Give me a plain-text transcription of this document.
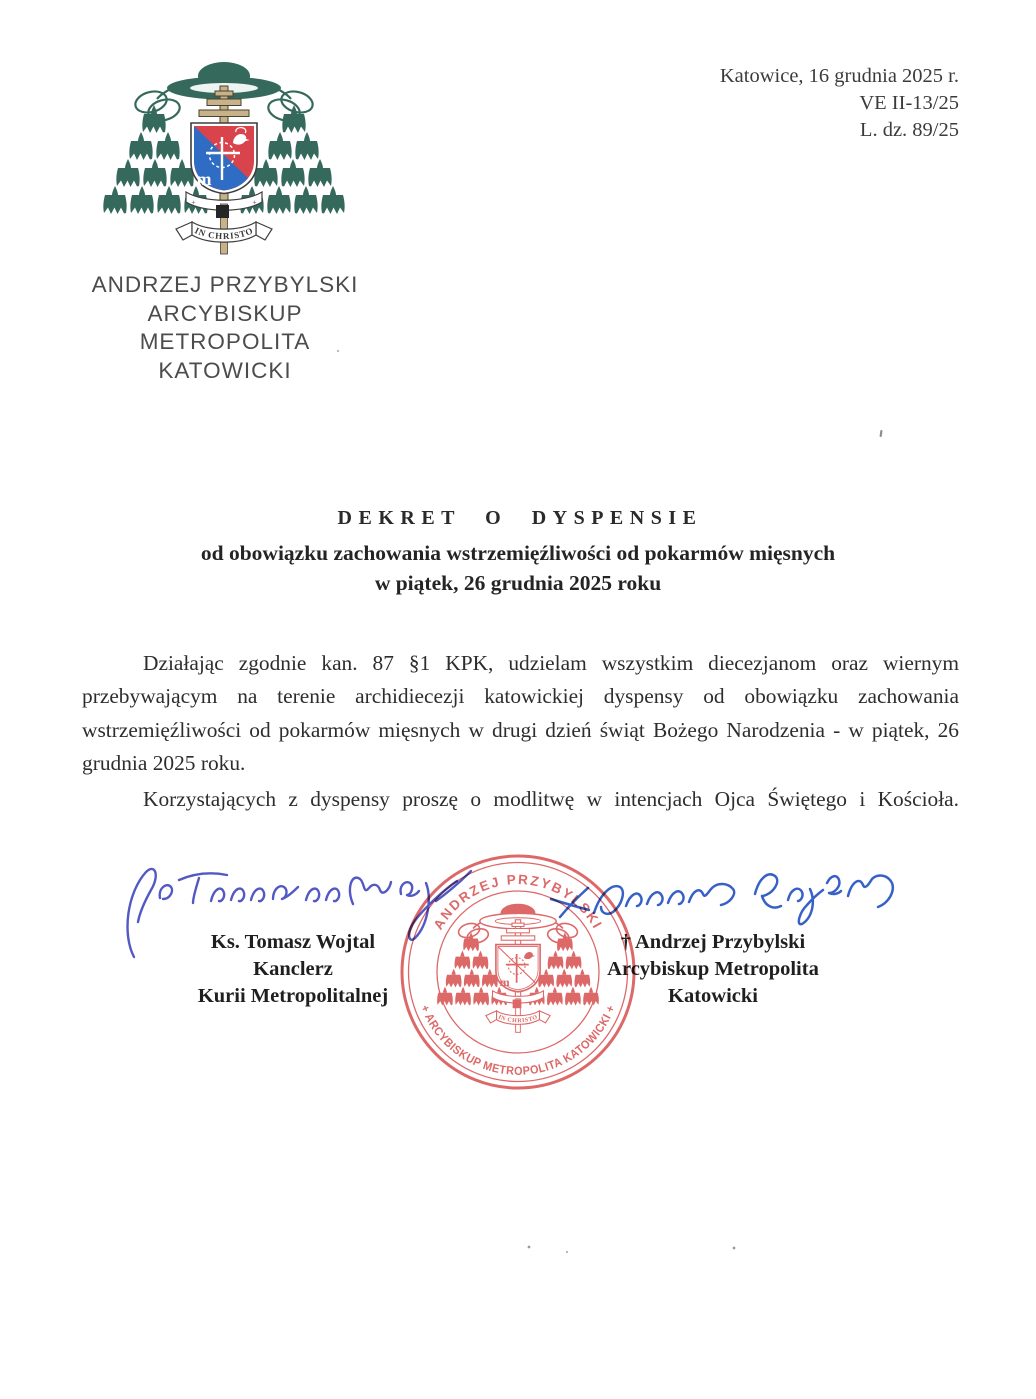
m
+	+
IN CHRISTO
Katowice, 16 grudnia 2025 r.
VE II-13/25
L. dz. 89/25
ANDRZEJ PRZYBYLSKI
ARCYBISKUP METROPOLITA
KATOWICKI
DEKRET O DYSPENSIE
od obowiązku zachowania wstrzemięźliwości od pokarmów mięsnych
w piątek, 26 grudnia 2025 roku

Działając zgodnie kan. 87 §1 KPK, udzielam wszystkim diecezjanom oraz wiernym przebywającym na terenie archidiecezji katowickiej dyspensy od obowiązku zachowania wstrzemięźliwości od pokarmów mięsnych w drugi dzień świąt Bożego Narodzenia - w piątek, 26 grudnia 2025 roku.

Korzystających z dyspensy proszę o modlitwę w intencjach Ojca Świętego i Kościoła.

ANDRZEJ PRZYBYLSKI
+ ARCYBISKUP METROPOLITA KATOWICKI +
m
IN CHRISTO
Ks. Tomasz Wojtal
Kanclerz
Kurii Metropolitalnej
† Andrzej Przybylski
Arcybiskup Metropolita
Katowicki
